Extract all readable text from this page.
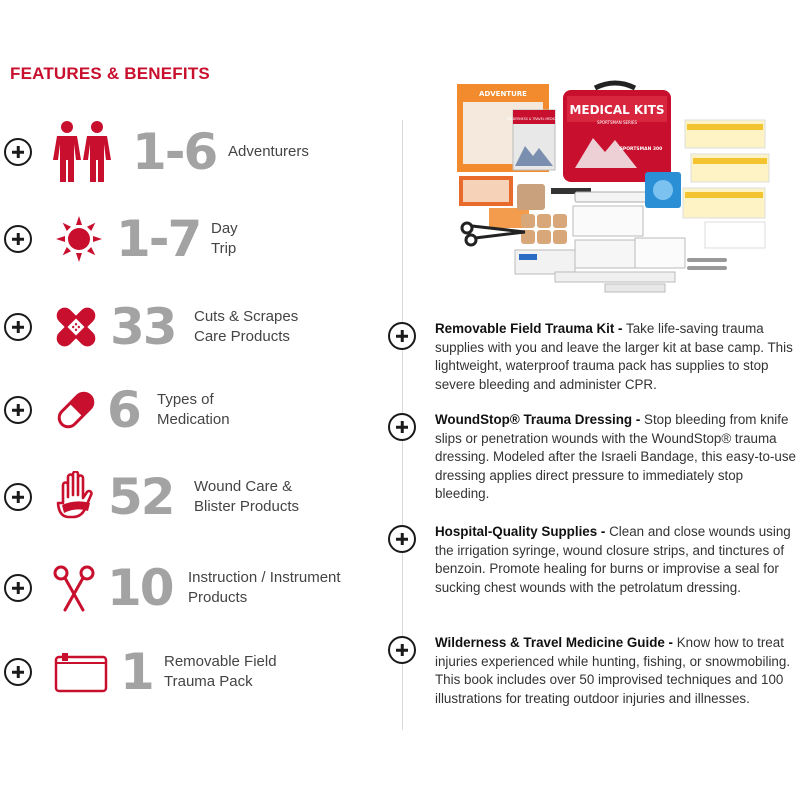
FEATURES & BENEFITS
1-6 Adventurers
1-7 Day
Trip
33 Cuts & Scrapes
Care Products
6 Types of
Medication
52 Wound Care &
Blister Products
10 Instruction / Instrument
Products
1 Removable Field
Trauma Pack
ADVENTURE
WILDERNESS & TRAVEL MEDICINE
MEDICAL KITS
SPORTSMAN SERIES
SPORTSMAN 300

Removable Field Trauma Kit - Take life-saving trauma supplies with you and leave the larger kit at base camp. This lightweight, waterproof trauma pack has supplies to stop severe bleeding and administer CPR.

WoundStop® Trauma Dressing - Stop bleeding from knife slips or penetration wounds with the WoundStop® trauma dressing. Modeled after the Israeli Bandage, this easy-to-use dressing applies direct pressure to immediately stop bleeding.

Hospital-Quality Supplies - Clean and close wounds using the irrigation syringe, wound closure strips, and tinctures of benzoin. Promote healing for burns or improvise a seal for sucking chest wounds with the petrolatum dressing.

Wilderness & Travel Medicine Guide - Know how to treat injuries experienced while hunting, fishing, or snowmobiling. This book includes over 50 improvised techniques and 100 illustrations for treating outdoor injuries and illnesses.
